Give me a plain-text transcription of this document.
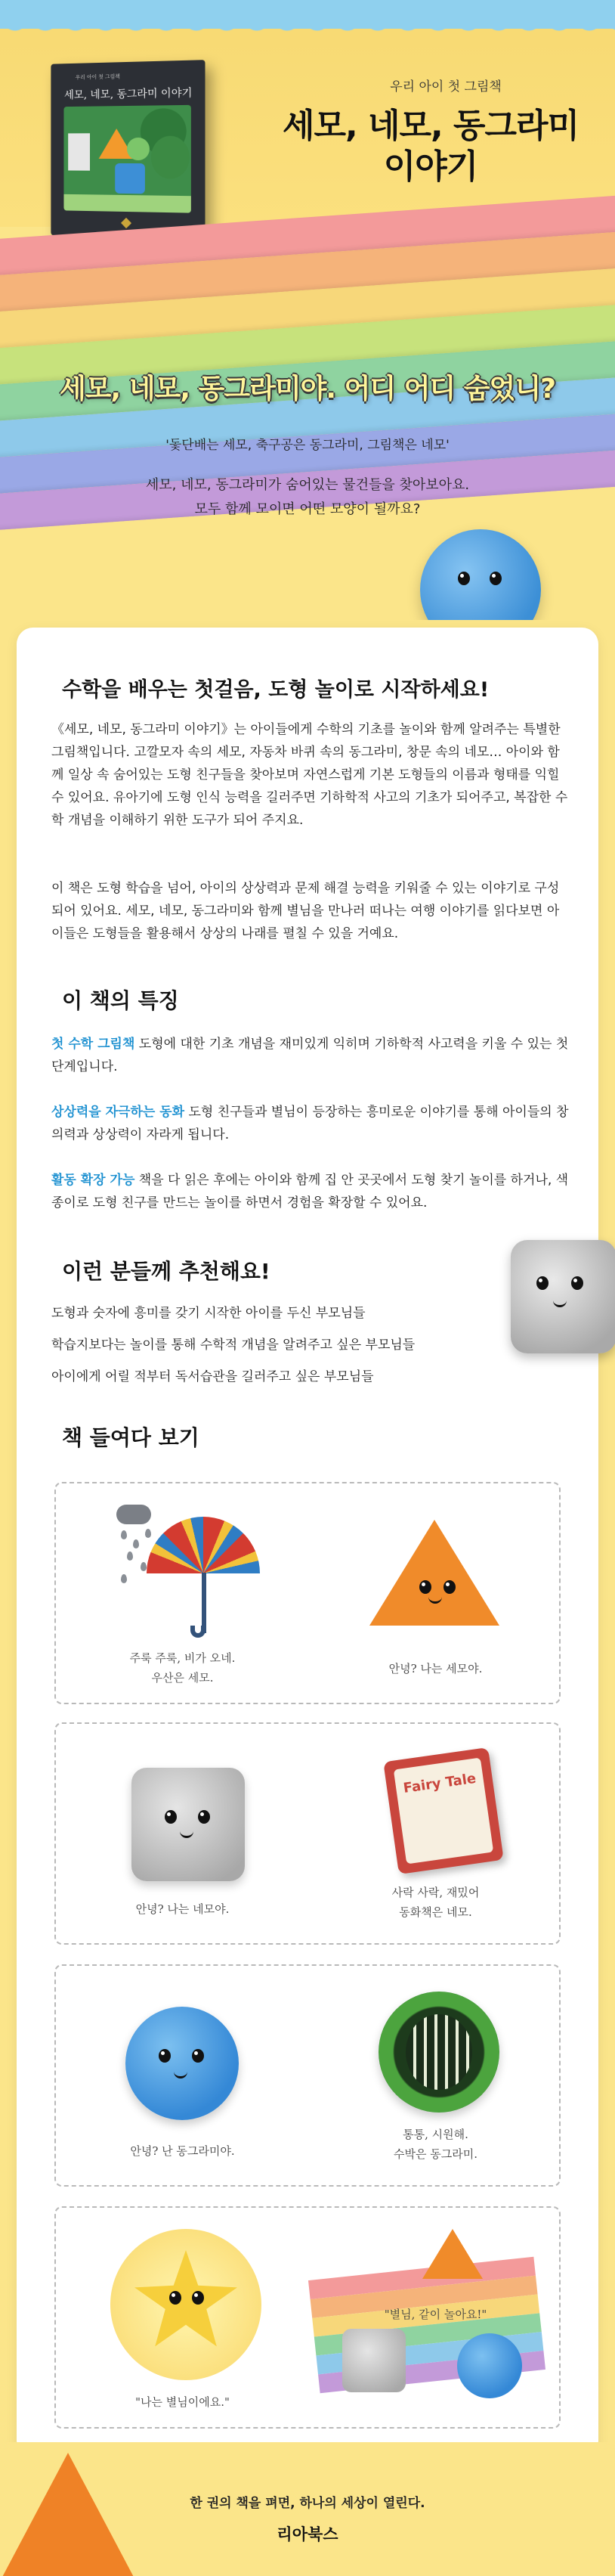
우리 아이 첫 그림책
세모, 네모, 동그라미 이야기	우리 아이 첫 그림책
세모, 네모, 동그라미
이야기
세모, 네모, 동그라미야. 어디 어디 숨었니?
'돛단배는 세모, 축구공은 동그라미, 그림책은 네모'
세모, 네모, 동그라미가 숨어있는 물건들을 찾아보아요.
모두 함께 모이면 어떤 모양이 될까요?
수학을 배우는 첫걸음, 도형 놀이로 시작하세요!

《세모, 네모, 동그라미 이야기》는 아이들에게 수학의 기초를 놀이와 함께 알려주는 특별한 그림책입니다. 고깔모자 속의 세모, 자동차 바퀴 속의 동그라미, 창문 속의 네모… 아이와 함께 일상 속 숨어있는 도형 친구들을 찾아보며 자연스럽게 기본 도형들의 이름과 형태를 익힐 수 있어요. 유아기에 도형 인식 능력을 길러주면 기하학적 사고의 기초가 되어주고, 복잡한 수학 개념을 이해하기 위한 도구가 되어 주지요.

이 책은 도형 학습을 넘어, 아이의 상상력과 문제 해결 능력을 키워줄 수 있는 이야기로 구성되어 있어요. 세모, 네모, 동그라미와 함께 별님을 만나러 떠나는 여행 이야기를 읽다보면 아이들은 도형들을 활용해서 상상의 나래를 펼칠 수 있을 거예요.

이 책의 특징

첫 수학 그림책 도형에 대한 기초 개념을 재미있게 익히며 기하학적 사고력을 키울 수 있는 첫 단계입니다.

상상력을 자극하는 동화 도형 친구들과 별님이 등장하는 흥미로운 이야기를 통해 아이들의 창의력과 상상력이 자라게 됩니다.

활동 확장 가능 책을 다 읽은 후에는 아이와 함께 집 안 곳곳에서 도형 찾기 놀이를 하거나, 색종이로 도형 친구를 만드는 놀이를 하면서 경험을 확장할 수 있어요.

이런 분들께 추천해요!

도형과 숫자에 흥미를 갖기 시작한 아이를 두신 부모님들

학습지보다는 놀이를 통해 수학적 개념을 알려주고 싶은 부모님들

아이에게 어릴 적부터 독서습관을 길러주고 싶은 부모님들

책 들여다 보기
주룩 주룩, 비가 오네.
우산은 세모.
안녕? 나는 세모야.
안녕? 나는 네모야.
Fairy Tale
사락 사락, 재밌어
동화책은 네모.
안녕? 난 동그라미야.
통통, 시원해.
수박은 동그라미.
"나는 별님이에요."
"별님, 같이 놀아요!"
한 권의 책을 펴면, 하나의 세상이 열린다.
리아북스
